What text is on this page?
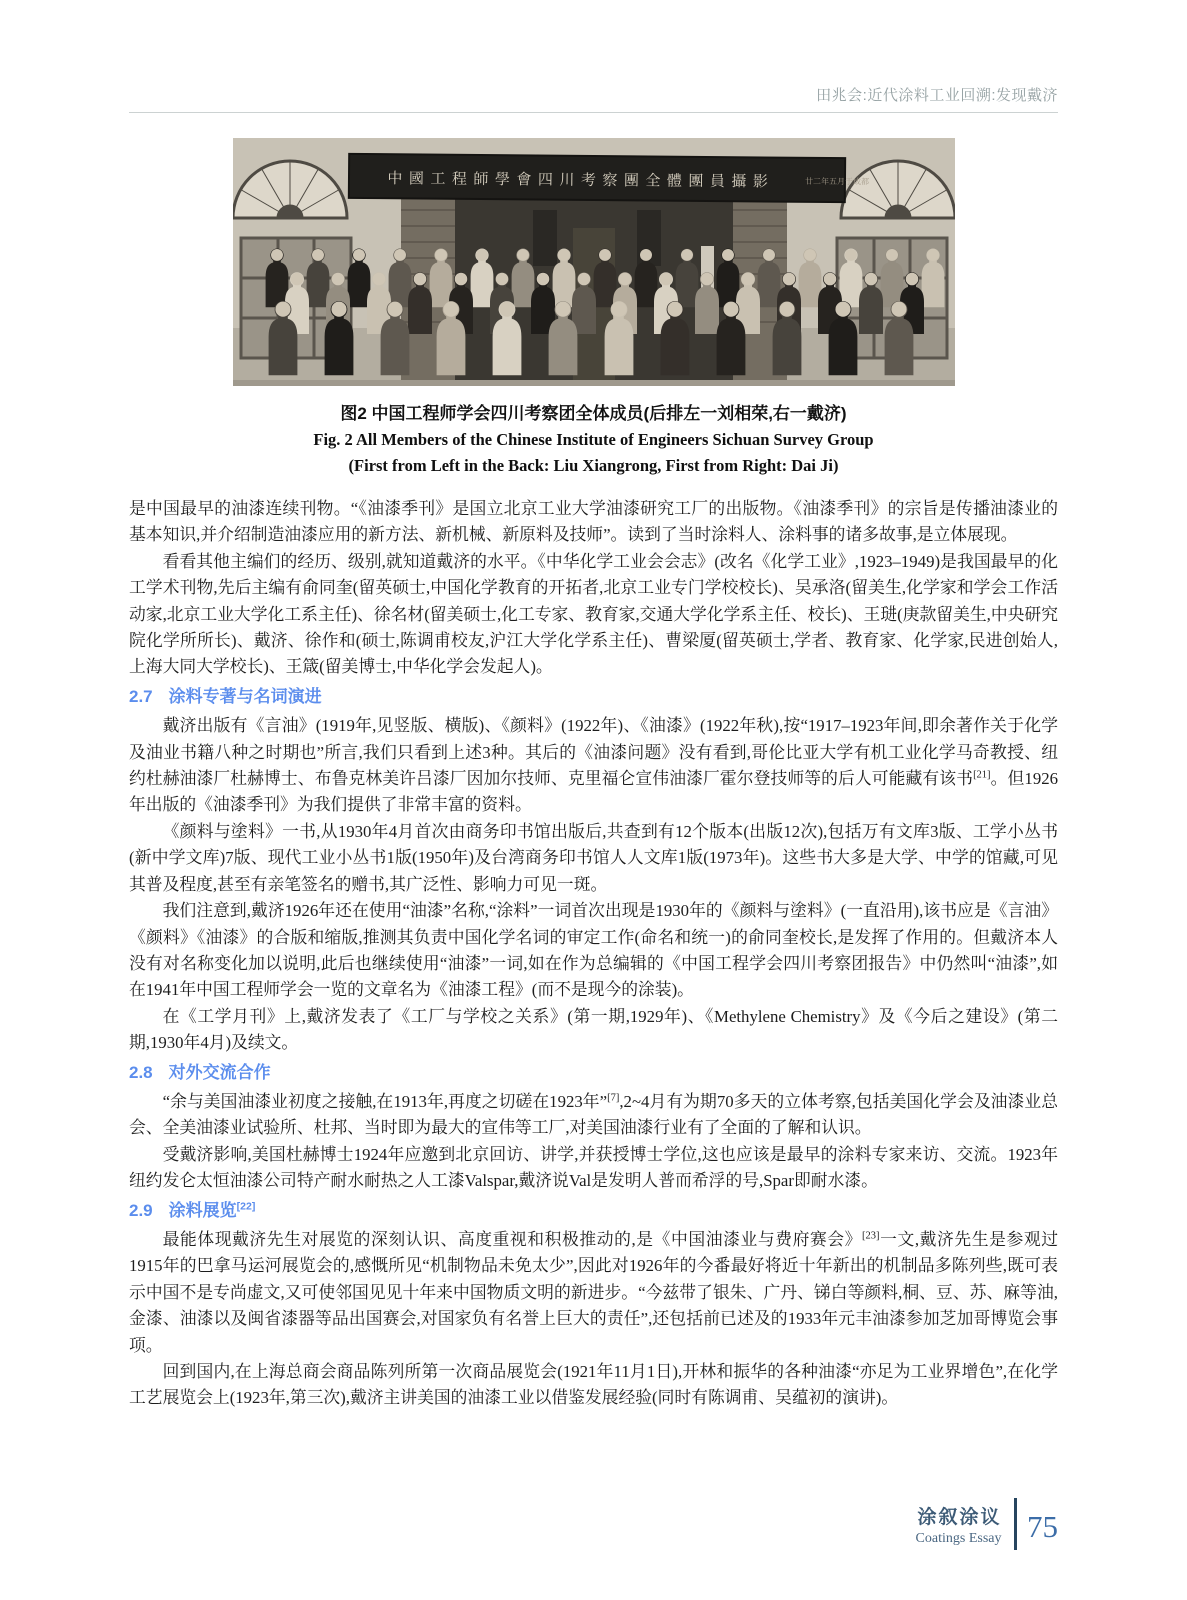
田兆会:近代涂料工业回溯:发现戴济
中國工程師學會四川考察團全體團員攝影	廿二年五月于成都
图2 中国工程师学会四川考察团全体成员(后排左一刘相荣,右一戴济)
Fig. 2 All Members of the Chinese Institute of Engineers Sichuan Survey Group
(First from Left in the Back: Liu Xiangrong, First from Right: Dai Ji)

是中国最早的油漆连续刊物。“《油漆季刊》是国立北京工业大学油漆研究工厂的出版物。《油漆季刊》的宗旨是传播油漆业的基本知识,并介绍制造油漆应用的新方法、新机械、新原料及技师”。读到了当时涂料人、涂料事的诸多故事,是立体展现。

看看其他主编们的经历、级别,就知道戴济的水平。《中华化学工业会会志》(改名《化学工业》,1923–1949)是我国最早的化工学术刊物,先后主编有俞同奎(留英硕士,中国化学教育的开拓者,北京工业专门学校校长)、吴承洛(留美生,化学家和学会工作活动家,北京工业大学化工系主任)、徐名材(留美硕士,化工专家、教育家,交通大学化学系主任、校长)、王琎(庚款留美生,中央研究院化学所所长)、戴济、徐作和(硕士,陈调甫校友,沪江大学化学系主任)、曹梁厦(留英硕士,学者、教育家、化学家,民进创始人,上海大同大学校长)、王箴(留美博士,中华化学会发起人)。

2.7 涂料专著与名词演进

戴济出版有《言油》(1919年,见竖版、横版)、《颜料》(1922年)、《油漆》(1922年秋),按“1917–1923年间,即余著作关于化学及油业书籍八种之时期也”所言,我们只看到上述3种。其后的《油漆问题》没有看到,哥伦比亚大学有机工业化学马奇教授、纽约杜赫油漆厂杜赫博士、布鲁克林美许吕漆厂因加尔技师、克里福仑宣伟油漆厂霍尔登技师等的后人可能藏有该书[21]。但1926年出版的《油漆季刊》为我们提供了非常丰富的资料。

《颜料与塗料》一书,从1930年4月首次由商务印书馆出版后,共查到有12个版本(出版12次),包括万有文库3版、工学小丛书(新中学文库)7版、现代工业小丛书1版(1950年)及台湾商务印书馆人人文库1版(1973年)。这些书大多是大学、中学的馆藏,可见其普及程度,甚至有亲笔签名的赠书,其广泛性、影响力可见一斑。

我们注意到,戴济1926年还在使用“油漆”名称,“涂料”一词首次出现是1930年的《颜料与塗料》(一直沿用),该书应是《言油》《颜料》《油漆》的合版和缩版,推测其负责中国化学名词的审定工作(命名和统一)的俞同奎校长,是发挥了作用的。但戴济本人没有对名称变化加以说明,此后也继续使用“油漆”一词,如在作为总编辑的《中国工程学会四川考察团报告》中仍然叫“油漆”,如在1941年中国工程师学会一览的文章名为《油漆工程》(而不是现今的涂装)。

在《工学月刊》上,戴济发表了《工厂与学校之关系》(第一期,1929年)、《Methylene Chemistry》及《今后之建设》(第二期,1930年4月)及续文。

2.8 对外交流合作

“余与美国油漆业初度之接触,在1913年,再度之切磋在1923年”[7],2~4月有为期70多天的立体考察,包括美国化学会及油漆业总会、全美油漆业试验所、杜邦、当时即为最大的宣伟等工厂,对美国油漆行业有了全面的了解和认识。

受戴济影响,美国杜赫博士1924年应邀到北京回访、讲学,并获授博士学位,这也应该是最早的涂料专家来访、交流。1923年纽约发仑太恒油漆公司特产耐水耐热之人工漆Valspar,戴济说Val是发明人普而希浮的号,Spar即耐水漆。

2.9 涂料展览[22]

最能体现戴济先生对展览的深刻认识、高度重视和积极推动的,是《中国油漆业与费府赛会》[23]一文,戴济先生是参观过1915年的巴拿马运河展览会的,感慨所见“机制物品未免太少”,因此对1926年的今番最好将近十年新出的机制品多陈列些,既可表示中国不是专尚虚文,又可使邻国见见十年来中国物质文明的新进步。“今兹带了银朱、广丹、锑白等颜料,桐、豆、苏、麻等油,金漆、油漆以及闽省漆器等品出国赛会,对国家负有名誉上巨大的责任”,还包括前已述及的1933年元丰油漆参加芝加哥博览会事项。

回到国内,在上海总商会商品陈列所第一次商品展览会(1921年11月1日),开林和振华的各种油漆“亦足为工业界增色”,在化学工艺展览会上(1923年,第三次),戴济主讲美国的油漆工业以借鉴发展经验(同时有陈调甫、吴蕴初的演讲)。

涂叙涂议
Coatings Essay 75
